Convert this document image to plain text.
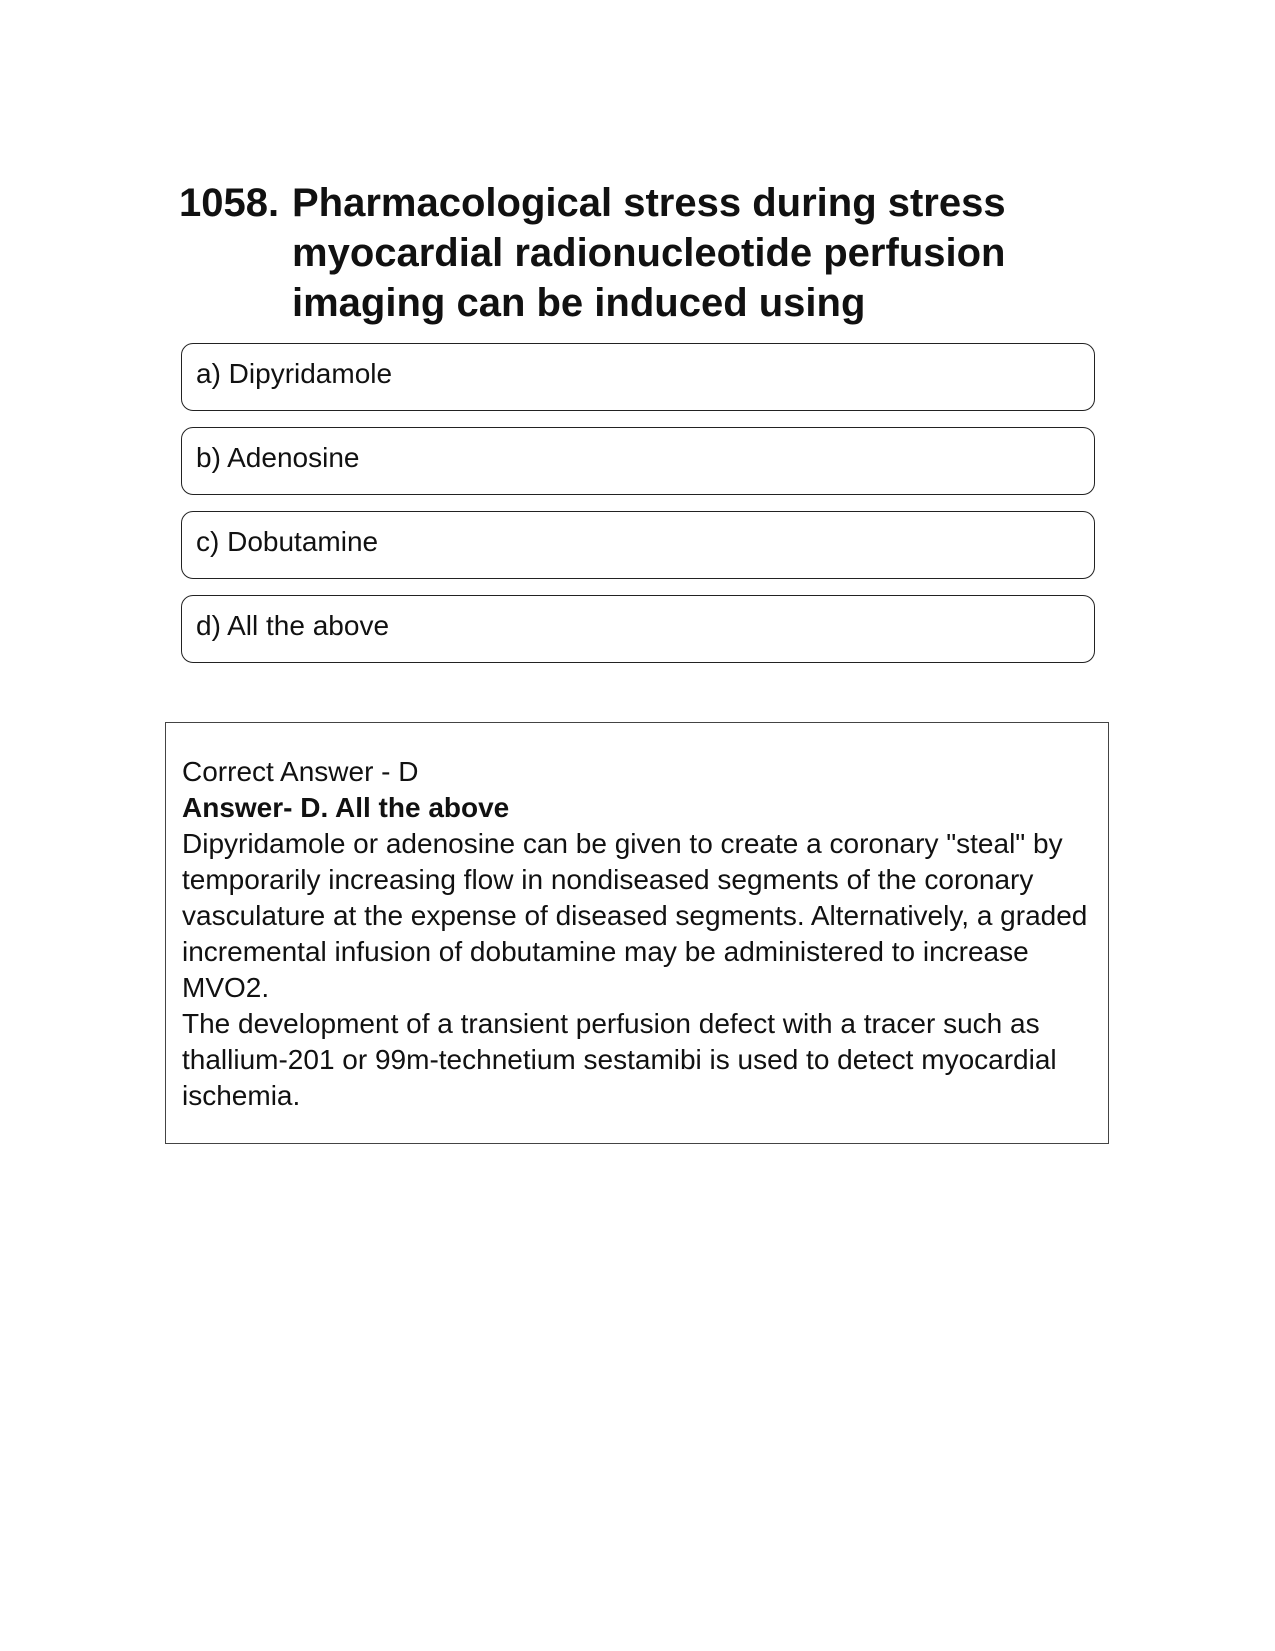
1058. Pharmacological stress during stress myocardial radionucleotide perfusion imaging can be induced using
a) Dipyridamole
b) Adenosine
c) Dobutamine
d) All the above

Correct Answer - D

Answer- D. All the above

Dipyridamole or adenosine can be given to create a coronary "steal" by temporarily increasing flow in nondiseased segments of the coronary vasculature at the expense of diseased segments. Alternatively, a graded incremental infusion of dobutamine may be administered to increase MVO2.

The development of a transient perfusion defect with a tracer such as thallium-201 or 99m-technetium sestamibi is used to detect myocardial ischemia.
